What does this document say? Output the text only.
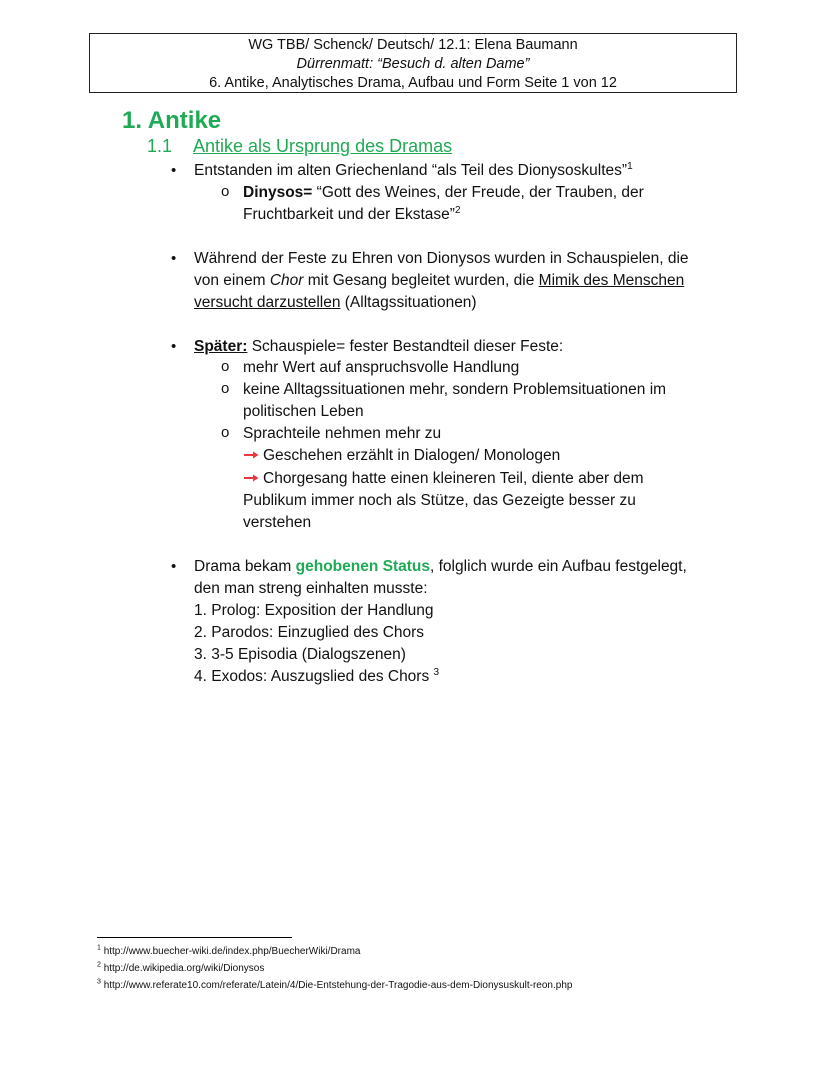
WG TBB/ Schenck/ Deutsch/ 12.1: Elena Baumann
Dürrenmatt: “Besuch d. alten Dame”
6. Antike, Analytisches Drama, Aufbau und Form Seite 1 von 12
1. Antike
1.1 Antike als Ursprung des Dramas
• Entstanden im alten Griechenland “als Teil des Dionysoskultes”$^1$
o Dinysos= “Gott des Weines, der Freude, der Trauben, der
Fruchtbarkeit und der Ekstase”$^2$
• Während der Feste zu Ehren von Dionysos wurden in Schauspielen, die
von einem Chor mit Gesang begleitet wurden, die Mimik des Menschen
versucht darzustellen (Alltagssituationen)
• Später: Schauspiele= fester Bestandteil dieser Feste:
o mehr Wert auf anspruchsvolle Handlung
o keine Alltagssituationen mehr, sondern Problemsituationen im
politischen Leben
o Sprachteile nehmen mehr zu
Geschehen erzählt in Dialogen/ Monologen
Chorgesang hatte einen kleineren Teil, diente aber dem
Publikum immer noch als Stütze, das Gezeigte besser zu
verstehen
• Drama bekam gehobenen Status, folglich wurde ein Aufbau festgelegt,
den man streng einhalten musste:
1. Prolog: Exposition der Handlung
2. Parodos: Einzuglied des Chors
3. 3-5 Episodia (Dialogszenen)
4. Exodos: Auszugslied des Chors $^3$
$^1$ http://www.buecher-wiki.de/index.php/BuecherWiki/Drama
$^2$ http://de.wikipedia.org/wiki/Dionysos
$^3$ http://www.referate10.com/referate/Latein/4/Die-Entstehung-der-Tragodie-aus-dem-Dionysuskult-reon.php
